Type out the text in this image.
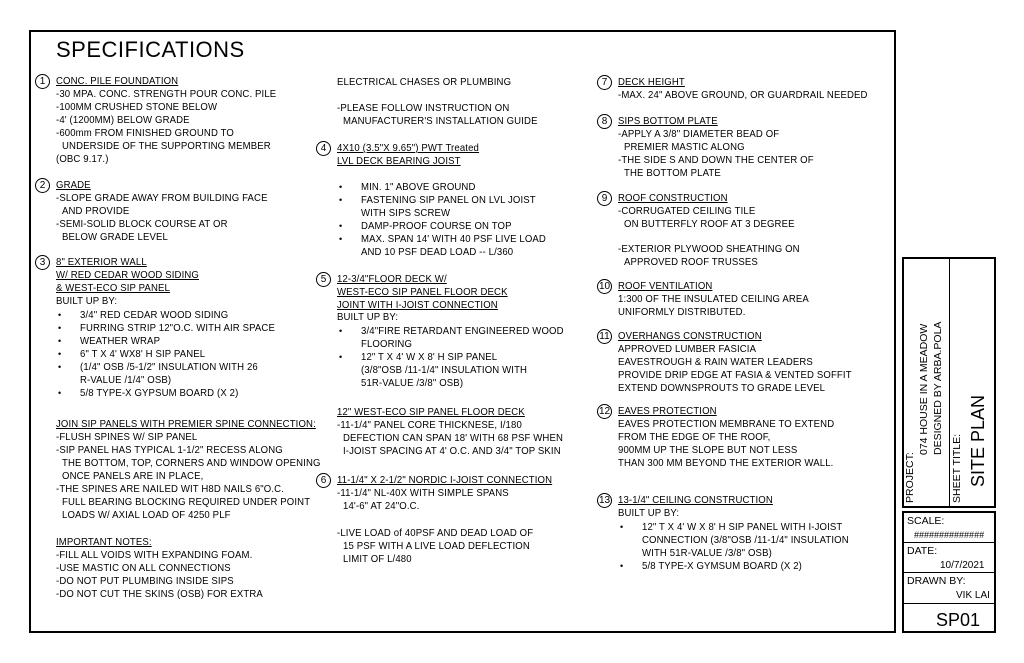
SPECIFICATIONS
1	CONC. PILE FOUNDATION
-30 MPA. CONC. STRENGTH POUR CONC. PILE
-100MM CRUSHED STONE BELOW
-4' (1200MM) BELOW GRADE
-600mm FROM FINISHED GROUND TO
UNDERSIDE OF THE SUPPORTING MEMBER
(OBC 9.17.)
2	GRADE
-SLOPE GRADE AWAY FROM BUILDING FACE
AND PROVIDE
-SEMI-SOLID BLOCK COURSE AT OR
BELOW GRADE LEVEL
3	8" EXTERIOR WALL
W/ RED CEDAR WOOD SIDING
& WEST-ECO SIP PANEL
BUILT UP BY:
• 3/4" RED CEDAR WOOD SIDING
• FURRING STRIP 12"O.C. WITH AIR SPACE
• WEATHER WRAP
• 6" T X 4' WX8' H SIP PANEL
• (1/4" OSB /5-1/2" INSULATION WITH 26
R-VALUE /1/4" OSB)
• 5/8 TYPE-X GYPSUM BOARD (X 2)
JOIN SIP PANELS WITH PREMIER SPINE CONNECTION:
-FLUSH SPINES W/ SIP PANEL
-SIP PANEL HAS TYPICAL 1-1/2" RECESS ALONG
THE BOTTOM, TOP, CORNERS AND WINDOW OPENING
ONCE PANELS ARE IN PLACE,
-THE SPINES ARE NAILED WIT H8D NAILS 6"O.C.
FULL BEARING BLOCKING REQUIRED UNDER POINT
LOADS W/ AXIAL LOAD OF 4250 PLF
IMPORTANT NOTES:
-FILL ALL VOIDS WITH EXPANDING FOAM.
-USE MASTIC ON ALL CONNECTIONS
-DO NOT PUT PLUMBING INSIDE SIPS
-DO NOT CUT THE SKINS (OSB) FOR EXTRA
ELECTRICAL CHASES OR PLUMBING
-PLEASE FOLLOW INSTRUCTION ON
MANUFACTURER'S INSTALLATION GUIDE
4	4X10 (3.5"X 9.65") PWT Treated
LVL DECK BEARING JOIST
• MIN. 1" ABOVE GROUND
• FASTENING SIP PANEL ON LVL JOIST
WITH SIPS SCREW
• DAMP-PROOF COURSE ON TOP
• MAX. SPAN 14' WITH 40 PSF LIVE LOAD
AND 10 PSF DEAD LOAD -- L/360
5	12-3/4"FLOOR DECK W/
WEST-ECO SIP PANEL FLOOR DECK
JOINT WITH I-JOIST CONNECTION
BUILT UP BY:
• 3/4"FIRE RETARDANT ENGINEERED WOOD
FLOORING
• 12" T X 4' W X 8' H SIP PANEL
(3/8"OSB /11-1/4" INSULATION WITH
51R-VALUE /3/8" OSB)
12" WEST-ECO SIP PANEL FLOOR DECK
-11-1/4" PANEL CORE THICKNESE, I/180
DEFECTION CAN SPAN 18' WITH 68 PSF WHEN
I-JOIST SPACING AT 4' O.C. AND 3/4" TOP SKIN
6	11-1/4" X 2-1/2" NORDIC I-JOIST CONNECTION
-11-1/4" NL-40X WITH SIMPLE SPANS
14'-6" AT 24"O.C.
-LIVE LOAD of 40PSF AND DEAD LOAD OF
15 PSF WITH A LIVE LOAD DEFLECTION
LIMIT OF L/480
7	DECK HEIGHT
-MAX. 24" ABOVE GROUND, OR GUARDRAIL NEEDED
8	SIPS BOTTOM PLATE
-APPLY A 3/8" DIAMETER BEAD OF
PREMIER MASTIC ALONG
-THE SIDE S AND DOWN THE CENTER OF
THE BOTTOM PLATE
9	ROOF CONSTRUCTION
-CORRUGATED CEILING TILE
ON BUTTERFLY ROOF AT 3 DEGREE
-EXTERIOR PLYWOOD SHEATHING ON
APPROVED ROOF TRUSSES
10 ROOF VENTILATION
1:300 OF THE INSULATED CEILING AREA
UNIFORMLY DISTRIBUTED.
11 OVERHANGS CONSTRUCTION
APPROVED LUMBER FASICIA
EAVESTROUGH & RAIN WATER LEADERS
PROVIDE DRIP EDGE AT FASIA & VENTED SOFFIT
EXTEND DOWNSPROUTS TO GRADE LEVEL
12 EAVES PROTECTION
EAVES PROTECTION MEMBRANE TO EXTEND
FROM THE EDGE OF THE ROOF,
900MM UP THE SLOPE BUT NOT LESS
THAN 300 MM BEYOND THE EXTERIOR WALL.
13 13-1/4" CEILING CONSTRUCTION
BUILT UP BY:
• 12" T X 4' W X 8' H SIP PANEL WITH I-JOIST
CONNECTION (3/8"OSB /11-1/4" INSULATION
WITH 51R-VALUE /3/8" OSB)
• 5/8 TYPE-X GYMSUM BOARD (X 2)
PROJECT:
074 HOUSE IN A MEADOW DESIGNED BY ARBA.POLA
SHEET TITLE: SITE PLAN
SCALE:
##############
DATE:
10/7/2021
DRAWN BY:
VIK LAI
SP01
